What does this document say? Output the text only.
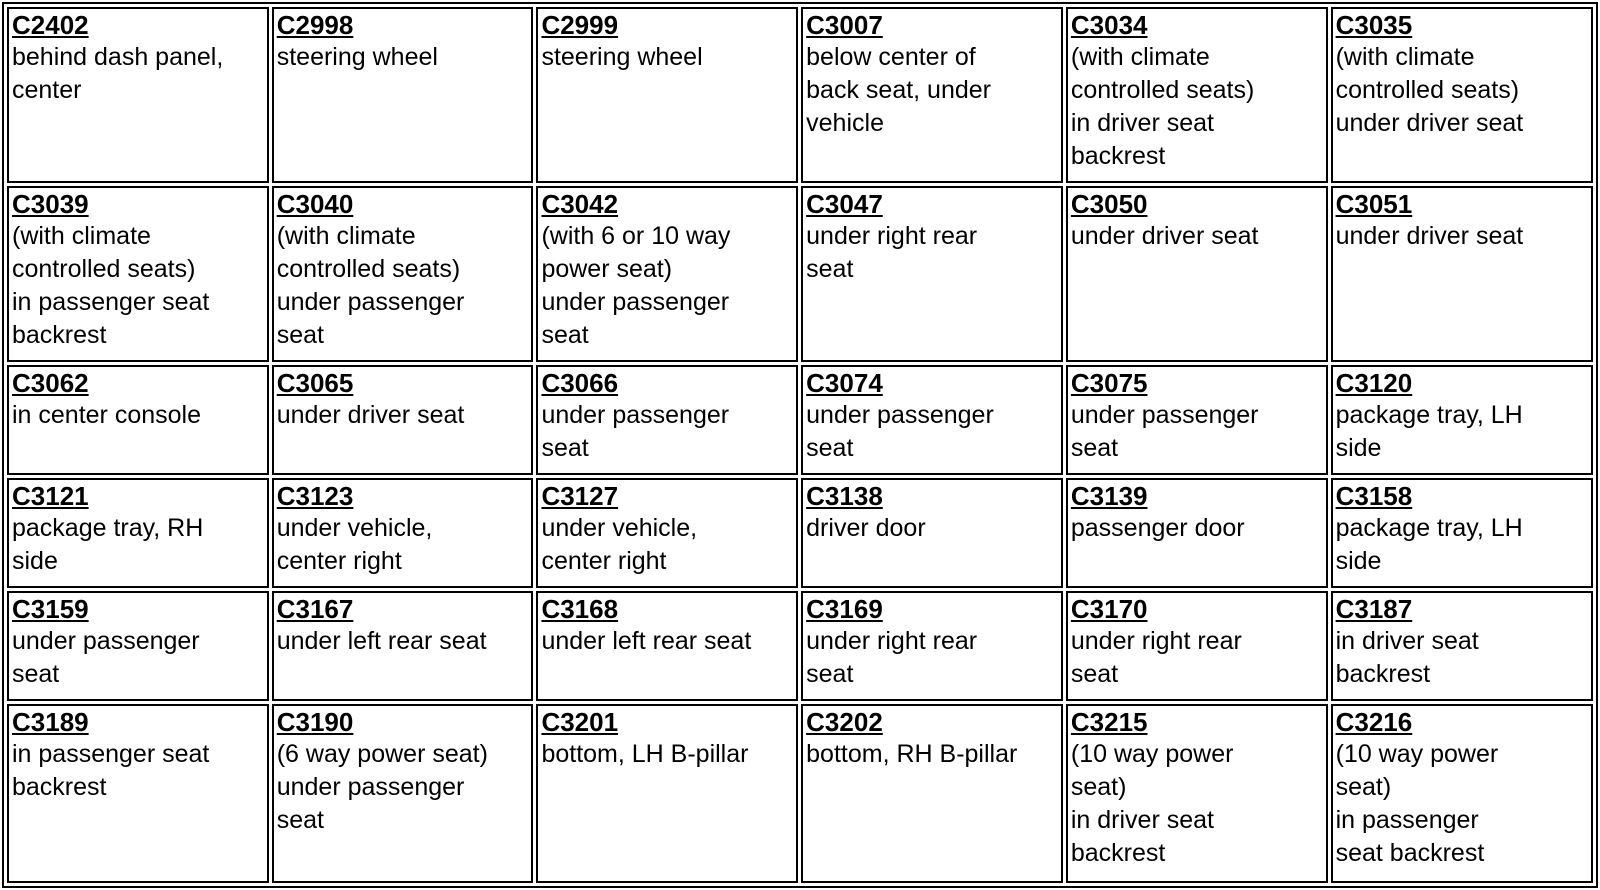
C2402
behind dash panel,
center	C2998
steering wheel	C2999
steering wheel	C3007
below center of
back seat, under
vehicle	C3034
(with climate
controlled seats)
in driver seat
backrest	C3035
(with climate
controlled seats)
under driver seat

C3039
(with climate
controlled seats)
in passenger seat
backrest	C3040
(with climate
controlled seats)
under passenger
seat	C3042
(with 6 or 10 way
power seat)
under passenger
seat	C3047
under right rear
seat	C3050
under driver seat	C3051
under driver seat

C3062
in center console	C3065
under driver seat	C3066
under passenger
seat	C3074
under passenger
seat	C3075
under passenger
seat	C3120
package tray, LH
side

C3121
package tray, RH
side	C3123
under vehicle,
center right	C3127
under vehicle,
center right	C3138
driver door	C3139
passenger door	C3158
package tray, LH
side

C3159
under passenger
seat	C3167
under left rear seat	C3168
under left rear seat	C3169
under right rear
seat	C3170
under right rear
seat	C3187
in driver seat
backrest

C3189
in passenger seat
backrest	C3190
(6 way power seat)
under passenger
seat	C3201
bottom, LH B-pillar	C3202
bottom, RH B-pillar	C3215
(10 way power
seat)
in driver seat
backrest	C3216
(10 way power
seat)
in passenger
seat backrest
